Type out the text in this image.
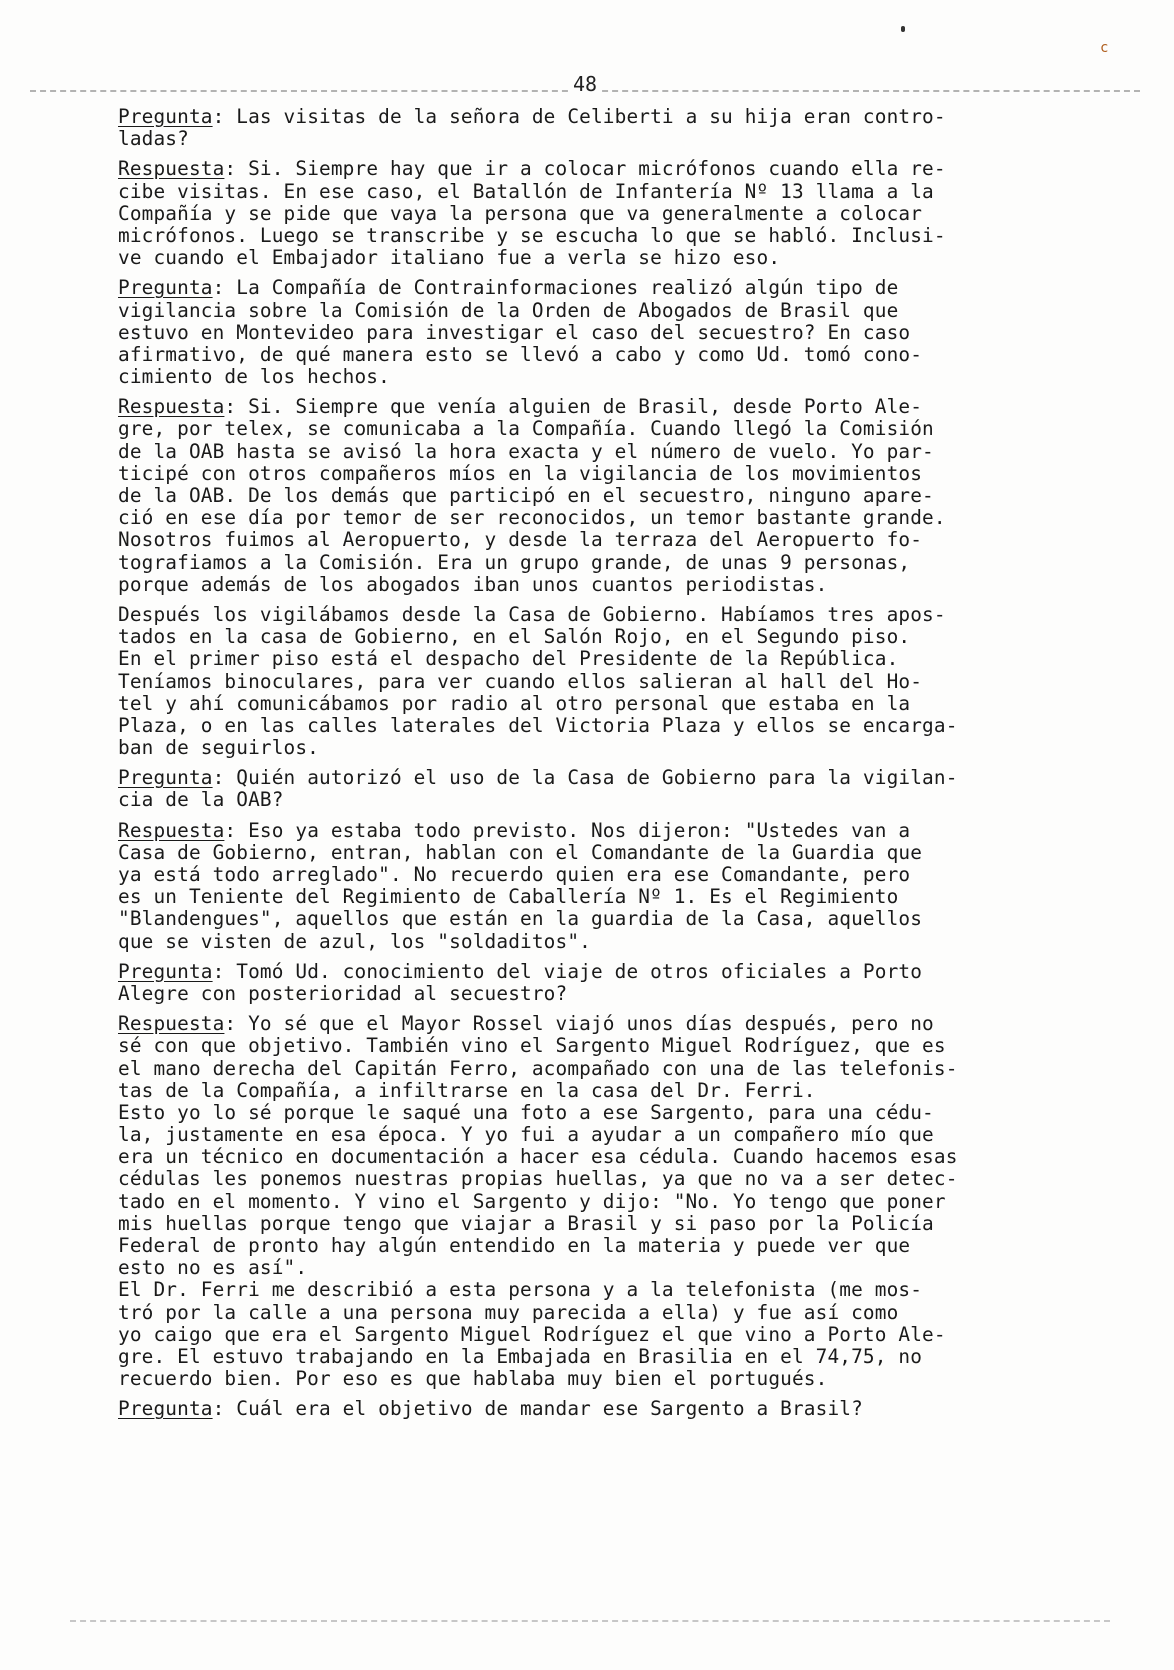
c
48
Pregunta: Las visitas de la señora de Celiberti a su hija eran contro-
ladas?
Respuesta: Si. Siempre hay que ir a colocar micrófonos cuando ella re-
cibe visitas. En ese caso, el Batallón de Infantería Nº 13 llama a la
Compañía y se pide que vaya la persona que va generalmente a colocar
micrófonos. Luego se transcribe y se escucha lo que se habló. Inclusi-
ve cuando el Embajador italiano fue a verla se hizo eso.
Pregunta: La Compañía de Contrainformaciones realizó algún tipo de
vigilancia sobre la Comisión de la Orden de Abogados de Brasil que
estuvo en Montevideo para investigar el caso del secuestro? En caso
afirmativo, de qué manera esto se llevó a cabo y como Ud. tomó cono-
cimiento de los hechos.
Respuesta: Si. Siempre que venía alguien de Brasil, desde Porto Ale-
gre, por telex, se comunicaba a la Compañía. Cuando llegó la Comisión
de la OAB hasta se avisó la hora exacta y el número de vuelo. Yo par-
ticipé con otros compañeros míos en la vigilancia de los movimientos
de la OAB. De los demás que participó en el secuestro, ninguno apare-
ció en ese día por temor de ser reconocidos, un temor bastante grande.
Nosotros fuimos al Aeropuerto, y desde la terraza del Aeropuerto fo-
tografiamos a la Comisión. Era un grupo grande, de unas 9 personas,
porque además de los abogados iban unos cuantos periodistas.
Después los vigilábamos desde la Casa de Gobierno. Habíamos tres apos-
tados en la casa de Gobierno, en el Salón Rojo, en el Segundo piso.
En el primer piso está el despacho del Presidente de la República.
Teníamos binoculares, para ver cuando ellos salieran al hall del Ho-
tel y ahí comunicábamos por radio al otro personal que estaba en la
Plaza, o en las calles laterales del Victoria Plaza y ellos se encarga-
ban de seguirlos.
Pregunta: Quién autorizó el uso de la Casa de Gobierno para la vigilan-
cia de la OAB?
Respuesta: Eso ya estaba todo previsto. Nos dijeron: "Ustedes van a
Casa de Gobierno, entran, hablan con el Comandante de la Guardia que
ya está todo arreglado". No recuerdo quien era ese Comandante, pero
es un Teniente del Regimiento de Caballería Nº 1. Es el Regimiento
"Blandengues", aquellos que están en la guardia de la Casa, aquellos
que se visten de azul, los "soldaditos".
Pregunta: Tomó Ud. conocimiento del viaje de otros oficiales a Porto
Alegre con posterioridad al secuestro?
Respuesta: Yo sé que el Mayor Rossel viajó unos días después, pero no
sé con que objetivo. También vino el Sargento Miguel Rodríguez, que es
el mano derecha del Capitán Ferro, acompañado con una de las telefonis-
tas de la Compañía, a infiltrarse en la casa del Dr. Ferri.
Esto yo lo sé porque le saqué una foto a ese Sargento, para una cédu-
la, justamente en esa época. Y yo fui a ayudar a un compañero mío que
era un técnico en documentación a hacer esa cédula. Cuando hacemos esas
cédulas les ponemos nuestras propias huellas, ya que no va a ser detec-
tado en el momento. Y vino el Sargento y dijo: "No. Yo tengo que poner
mis huellas porque tengo que viajar a Brasil y si paso por la Policía
Federal de pronto hay algún entendido en la materia y puede ver que
esto no es así".
El Dr. Ferri me describió a esta persona y a la telefonista (me mos-
tró por la calle a una persona muy parecida a ella) y fue así como
yo caigo que era el Sargento Miguel Rodríguez el que vino a Porto Ale-
gre. El estuvo trabajando en la Embajada en Brasilia en el 74,75, no
recuerdo bien. Por eso es que hablaba muy bien el portugués.
Pregunta: Cuál era el objetivo de mandar ese Sargento a Brasil?
